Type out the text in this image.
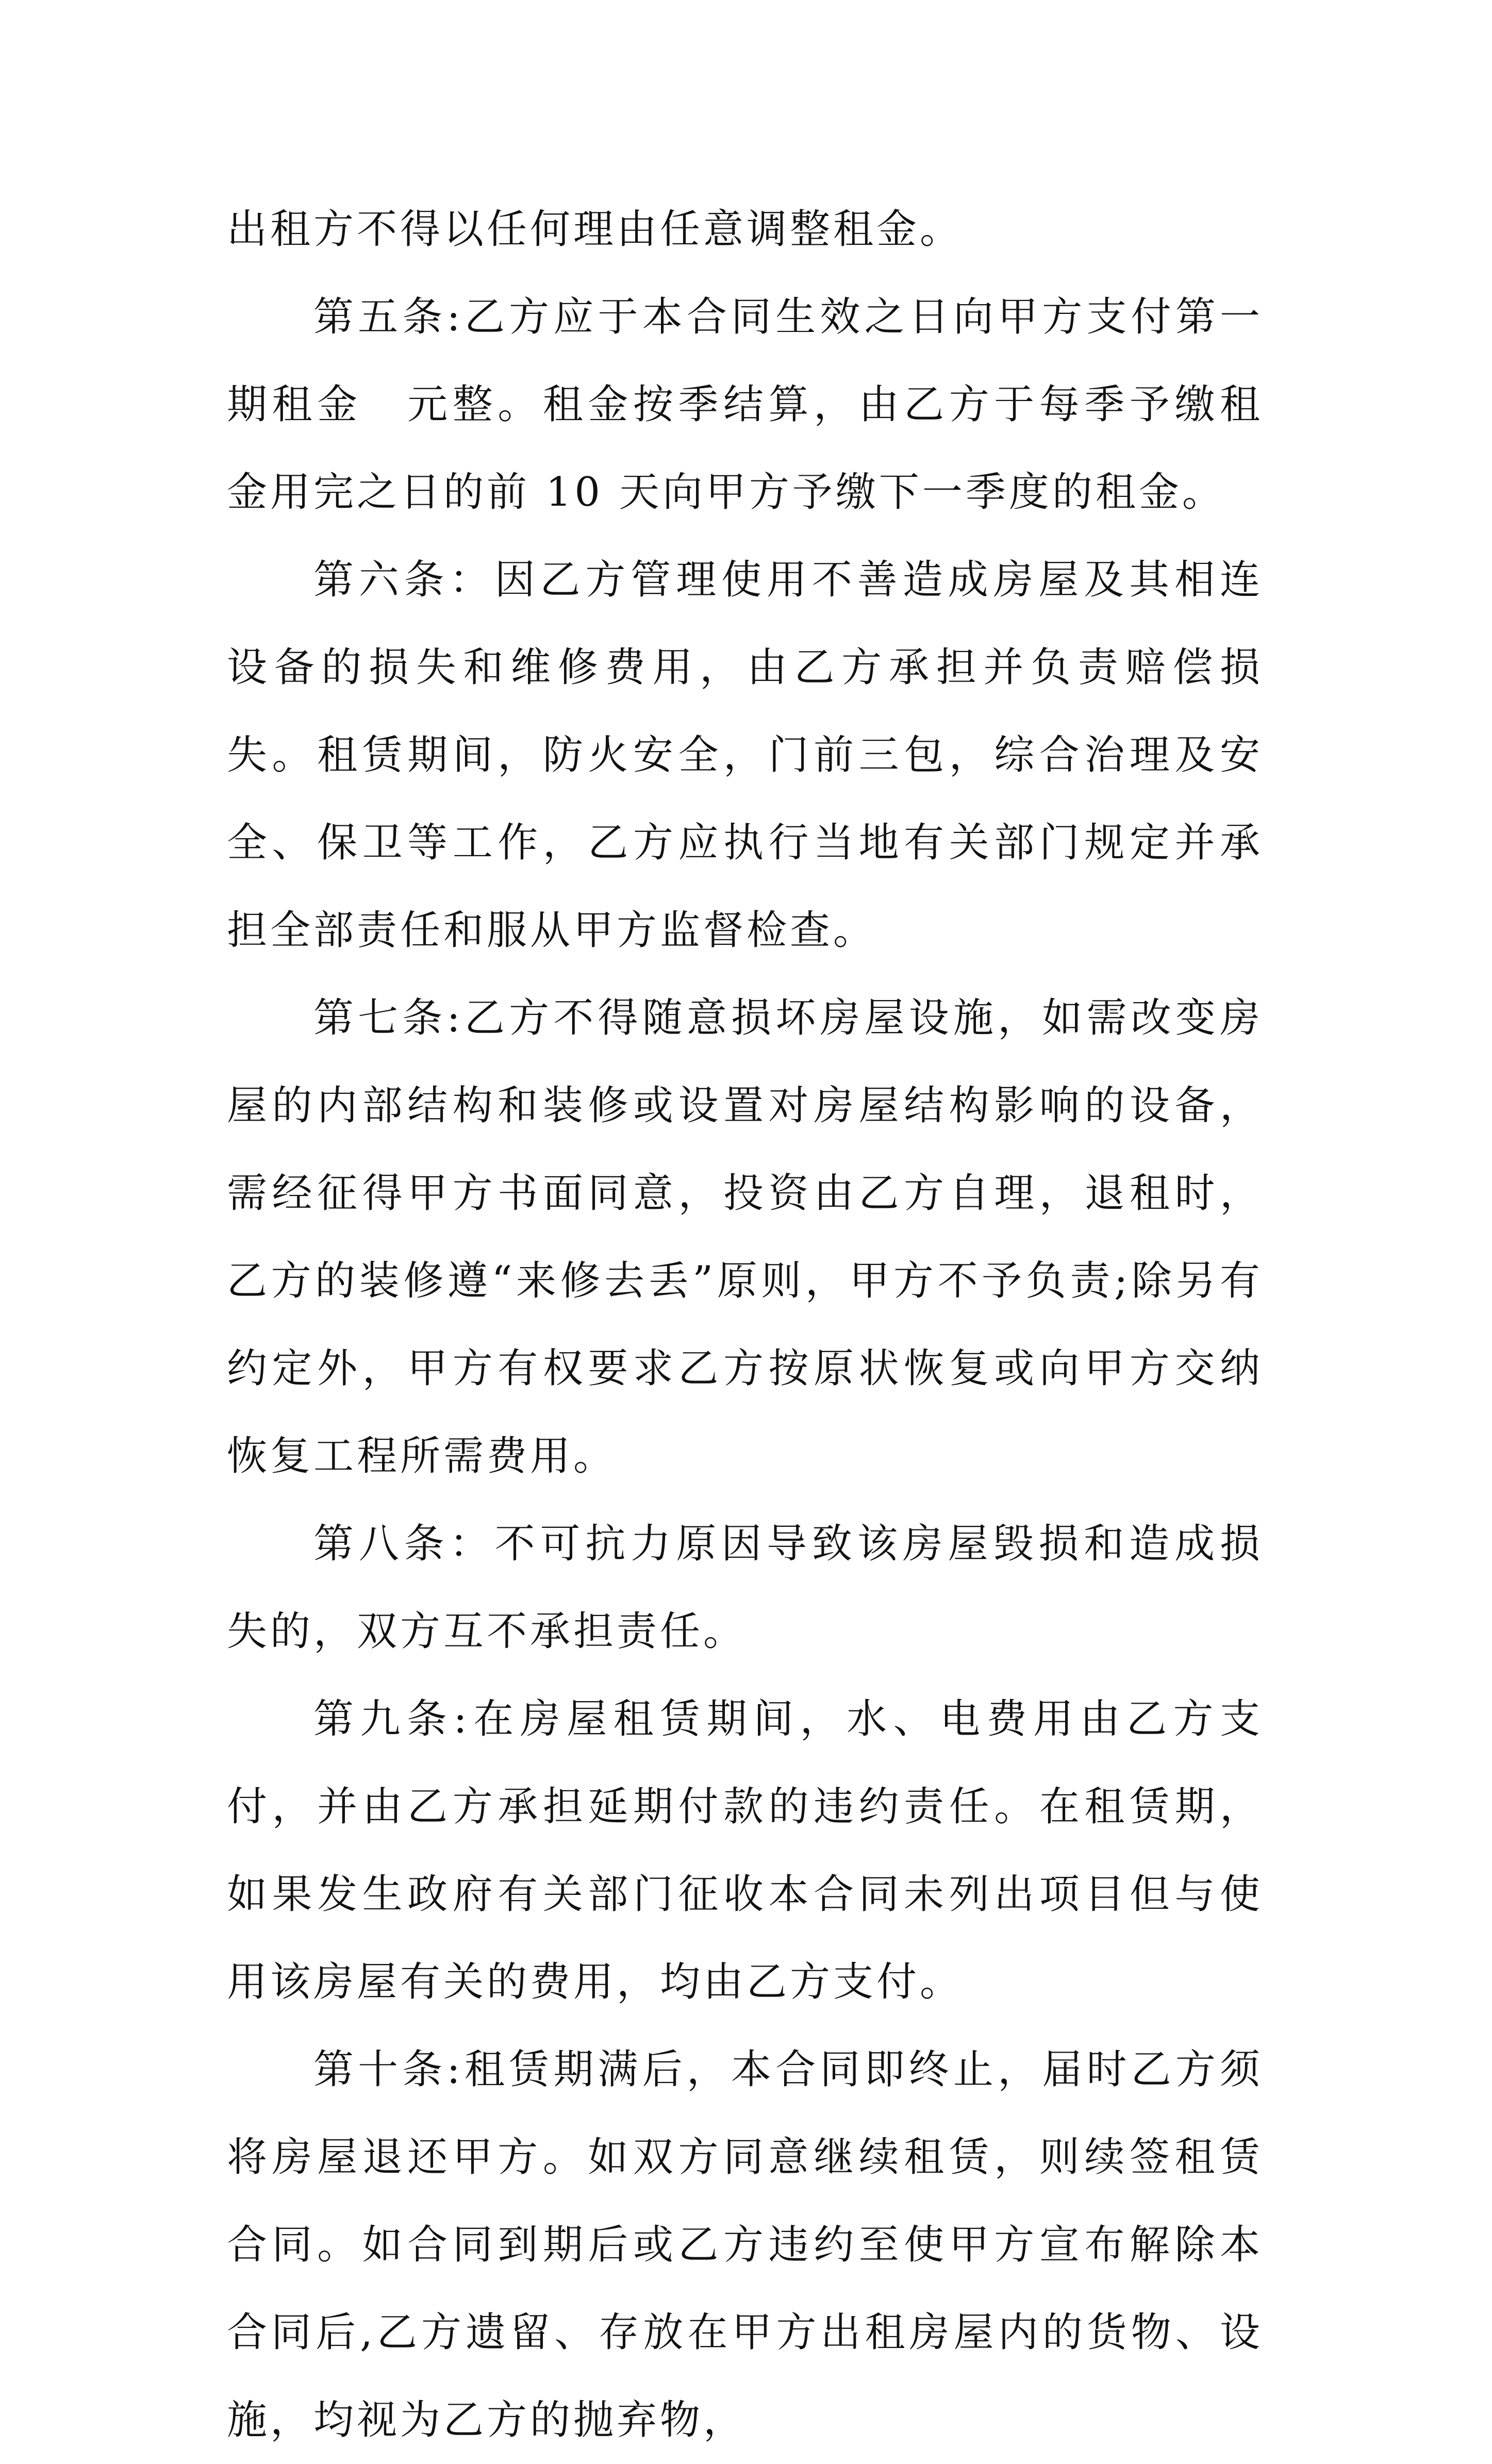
出租方不得以任何理由任意调整租金。

第五条:乙方应于本合同生效之日向甲方支付第一期租金　元整。租金按季结算，由乙方于每季予缴租金用完之日的前 10 天向甲方予缴下一季度的租金。

第六条：因乙方管理使用不善造成房屋及其相连设备的损失和维修费用，由乙方承担并负责赔偿损失。租赁期间，防火安全，门前三包，综合治理及安全、保卫等工作，乙方应执行当地有关部门规定并承担全部责任和服从甲方监督检查。

第七条:乙方不得随意损坏房屋设施，如需改变房屋的内部结构和装修或设置对房屋结构影响的设备，需经征得甲方书面同意，投资由乙方自理，退租时，乙方的装修遵“来修去丢”原则，甲方不予负责;除另有约定外，甲方有权要求乙方按原状恢复或向甲方交纳恢复工程所需费用。

第八条：不可抗力原因导致该房屋毁损和造成损失的，双方互不承担责任。

第九条:在房屋租赁期间，水、电费用由乙方支付，并由乙方承担延期付款的违约责任。在租赁期，如果发生政府有关部门征收本合同未列出项目但与使用该房屋有关的费用，均由乙方支付。

第十条:租赁期满后，本合同即终止，届时乙方须将房屋退还甲方。如双方同意继续租赁，则续签租赁合同。如合同到期后或乙方违约至使甲方宣布解除本合同后,乙方遗留、存放在甲方出租房屋内的货物、设施，均视为乙方的抛弃物，
